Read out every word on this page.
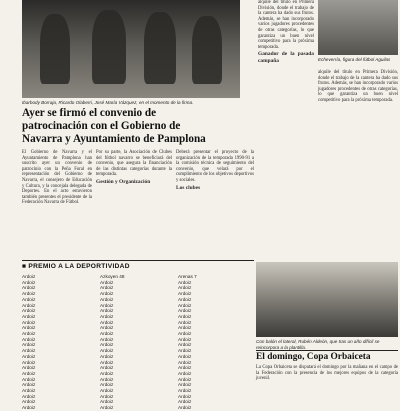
Ibarbody Borraja, Ricardo Olaberri, José María Vázquez, en el momento de la firma.
Ayer se firmó el convenio de
patrocinación con el Gobierno de
Navarra y Ayuntamiento de Pamplona
El Gobierno de Navarra y el Ayuntamiento de Pamplona han suscrito ayer un convenio de patrocinio con la Peña Foral en representación del Gobierno de Navarra, el consejero de Educación y Cultura, y la concejala delegada de Deportes. En el acto estuvieron también presentes el presidente de la Federación Navarra de Fútbol.
Por su parte, la Asociación de Clubes del fútbol navarro se beneficiará del convenio, que asegura la financiación de las distintas categorías durante la temporada.
Gestión y Organización
Deberá presentar el proyecto de la organización de la temporada 1990-91 a la comisión técnica de seguimiento del convenio, que velará por el cumplimiento de los objetivos deportivos y sociales.
Los clubes
Echeverría, figura del fútbol Aguilas
alquile del título en Primera División, donde el trabajo de la cantera ha dado sus frutos. Además, se han incorporado varios jugadores procedentes de otras categorías, lo que garantiza un buen nivel competitivo para la próxima temporada.
Ganador de la pasada campaña
alquile del título en Primera División, donde el trabajo de la cantera ha dado sus frutos. Además, se han incorporado varios jugadores procedentes de otras categorías, lo que garantiza un buen nivel competitivo para la próxima temporada.
■ PREMIO A LA DEPORTIVIDAD
Ardoiz
Ardoiz
Ardoiz
Ardoiz
Ardoiz
Ardoiz
Ardoiz
Ardoiz
Ardoiz
Ardoiz
Ardoiz
Ardoiz
Ardoiz
Ardoiz
Ardoiz
Ardoiz
Ardoiz
Ardoiz
Ardoiz
Ardoiz
Ardoiz
Ardoiz
Ardoiz
Ardoiz
Azkoyen 48
Ardoiz
Ardoiz
Ardoiz
Ardoiz
Ardoiz
Ardoiz
Ardoiz
Ardoiz
Ardoiz
Ardoiz
Ardoiz
Ardoiz
Ardoiz
Ardoiz
Ardoiz
Ardoiz
Ardoiz
Ardoiz
Ardoiz
Ardoiz
Ardoiz
Ardoiz
Ardoiz
Arenas 7
Ardoiz
Ardoiz
Ardoiz
Ardoiz
Ardoiz
Ardoiz
Ardoiz
Ardoiz
Ardoiz
Ardoiz
Ardoiz
Ardoiz
Ardoiz
Ardoiz
Ardoiz
Ardoiz
Ardoiz
Ardoiz
Ardoiz
Ardoiz
Ardoiz
Ardoiz
Ardoiz
Con balón el lateral, Rubén Aldeón, que tras un año difícil se reincorpora a la plantilla.
El domingo, Copa Orbaiceta
La Copa Orbaiceta se disputará el domingo por la mañana en el campo de la Federación con la presencia de los mejores equipos de la categoría juvenil.
